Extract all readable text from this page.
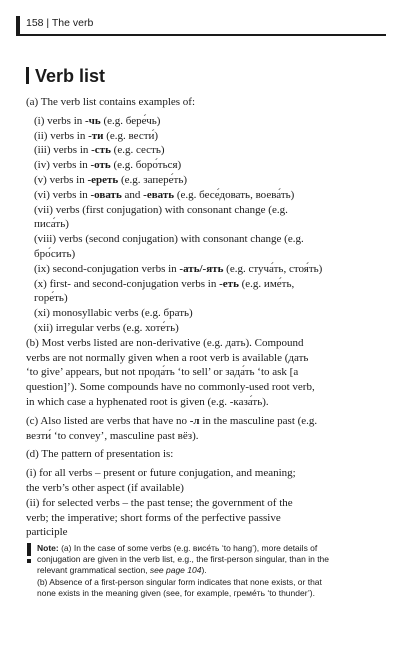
158 | The verb
Verb list

(a) The verb list contains examples of:

(i) verbs in -чь (e.g. бере́чь)

(ii) verbs in -ти (e.g. вести́)

(iii) verbs in -сть (e.g. сесть)

(iv) verbs in -оть (e.g. боро́ться)

(v) verbs in -ереть (e.g. запере́ть)

(vi) verbs in -овать and -евать (e.g. бесе́довать, воева́ть)

(vii) verbs (first conjugation) with consonant change (e.g.
писа́ть)

(viii) verbs (second conjugation) with consonant change (e.g.
бро́сить)

(ix) second-conjugation verbs in -ать/-ять (e.g. стуча́ть, стоя́ть)

(x) first- and second-conjugation verbs in -еть (e.g. име́ть,
горе́ть)

(xi) monosyllabic verbs (e.g. брать)

(xii) irregular verbs (e.g. хоте́ть)

(b) Most verbs listed are non-derivative (e.g. дать). Compound
verbs are not normally given when a root verb is available (дать
‘to give’ appears, but not прода́ть ‘to sell’ or зада́ть ‘to ask [a
question]’). Some compounds have no commonly-used root verb,
in which case a hyphenated root is given (e.g. -каза́ть).

(c) Also listed are verbs that have no -л in the masculine past (e.g.
везти́ ‘to convey’, masculine past вёз).

(d) The pattern of presentation is:

(i) for all verbs – present or future conjugation, and meaning;
the verb’s other aspect (if available)

(ii) for selected verbs – the past tense; the government of the
verb; the imperative; short forms of the perfective passive
participle

Note: (a) In the case of some verbs (e.g. висе́ть ‘to hang’), more details of
conjugation are given in the verb list, e.g., the first-person singular, than in the
relevant grammatical section, see page 104).
(b) Absence of a first-person singular form indicates that none exists, or that
none exists in the meaning given (see, for example, греме́ть ‘to thunder’).
